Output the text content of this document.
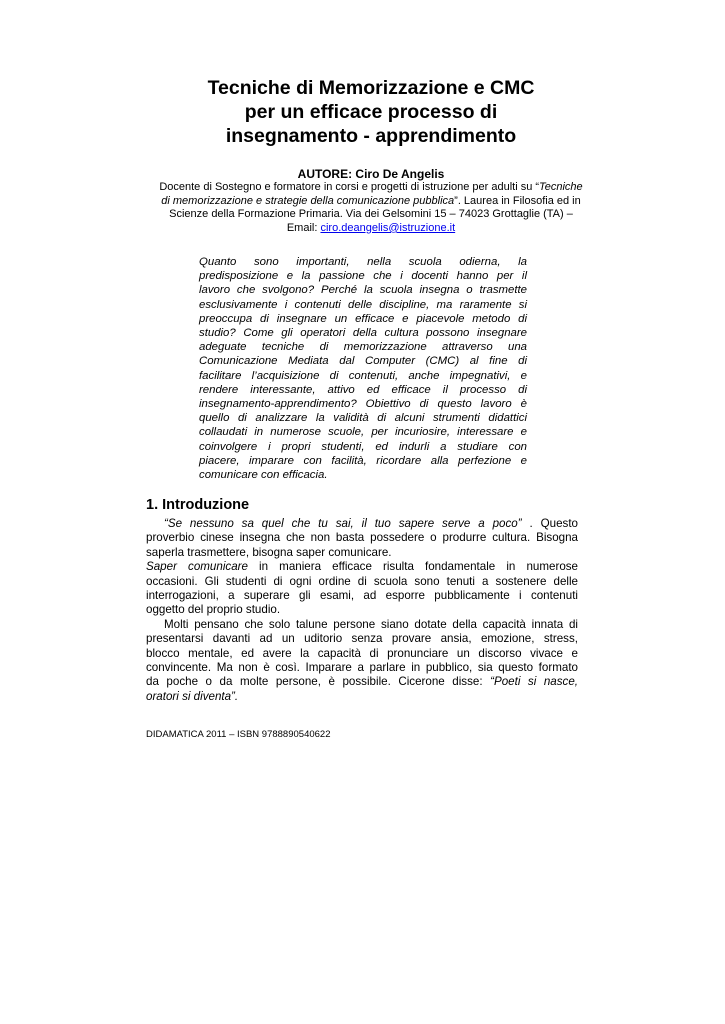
Tecniche di Memorizzazione e CMC
per un efficace processo di
insegnamento - apprendimento
AUTORE: Ciro De Angelis
Docente di Sostegno e formatore in corsi e progetti di istruzione per adulti su “Tecniche
di memorizzazione e strategie della comunicazione pubblica”. Laurea in Filosofia ed in
Scienze della Formazione Primaria. Via dei Gelsomini 15 – 74023 Grottaglie (TA) –
Email: ciro.deangelis@istruzione.it
Quanto sono importanti, nella scuola odierna, la
predisposizione e la passione che i docenti hanno per il
lavoro che svolgono? Perché la scuola insegna o trasmette
esclusivamente i contenuti delle discipline, ma raramente si
preoccupa di insegnare un efficace e piacevole metodo di
studio? Come gli operatori della cultura possono insegnare
adeguate tecniche di memorizzazione attraverso una
Comunicazione Mediata dal Computer (CMC) al fine di
facilitare l’acquisizione di contenuti, anche impegnativi, e
rendere interessante, attivo ed efficace il processo di
insegnamento-apprendimento? Obiettivo di questo lavoro è
quello di analizzare la validità di alcuni strumenti didattici
collaudati in numerose scuole, per incuriosire, interessare e
coinvolgere i propri studenti, ed indurli a studiare con
piacere, imparare con facilità, ricordare alla perfezione e
comunicare con efficacia.
1. Introduzione
“Se nessuno sa quel che tu sai, il tuo sapere serve a poco” . Questo
proverbio cinese insegna che non basta possedere o produrre cultura. Bisogna
saperla trasmettere, bisogna saper comunicare.
Saper comunicare in maniera efficace risulta fondamentale in numerose
occasioni. Gli studenti di ogni ordine di scuola sono tenuti a sostenere delle
interrogazioni, a superare gli esami, ad esporre pubblicamente i contenuti
oggetto del proprio studio.
Molti pensano che solo talune persone siano dotate della capacità innata di
presentarsi davanti ad un uditorio senza provare ansia, emozione, stress,
blocco mentale, ed avere la capacità di pronunciare un discorso vivace e
convincente. Ma non è così. Imparare a parlare in pubblico, sia questo formato
da poche o da molte persone, è possibile. Cicerone disse: “Poeti si nasce,
oratori si diventa”.
DIDAMATICA 2011 – ISBN 9788890540622
